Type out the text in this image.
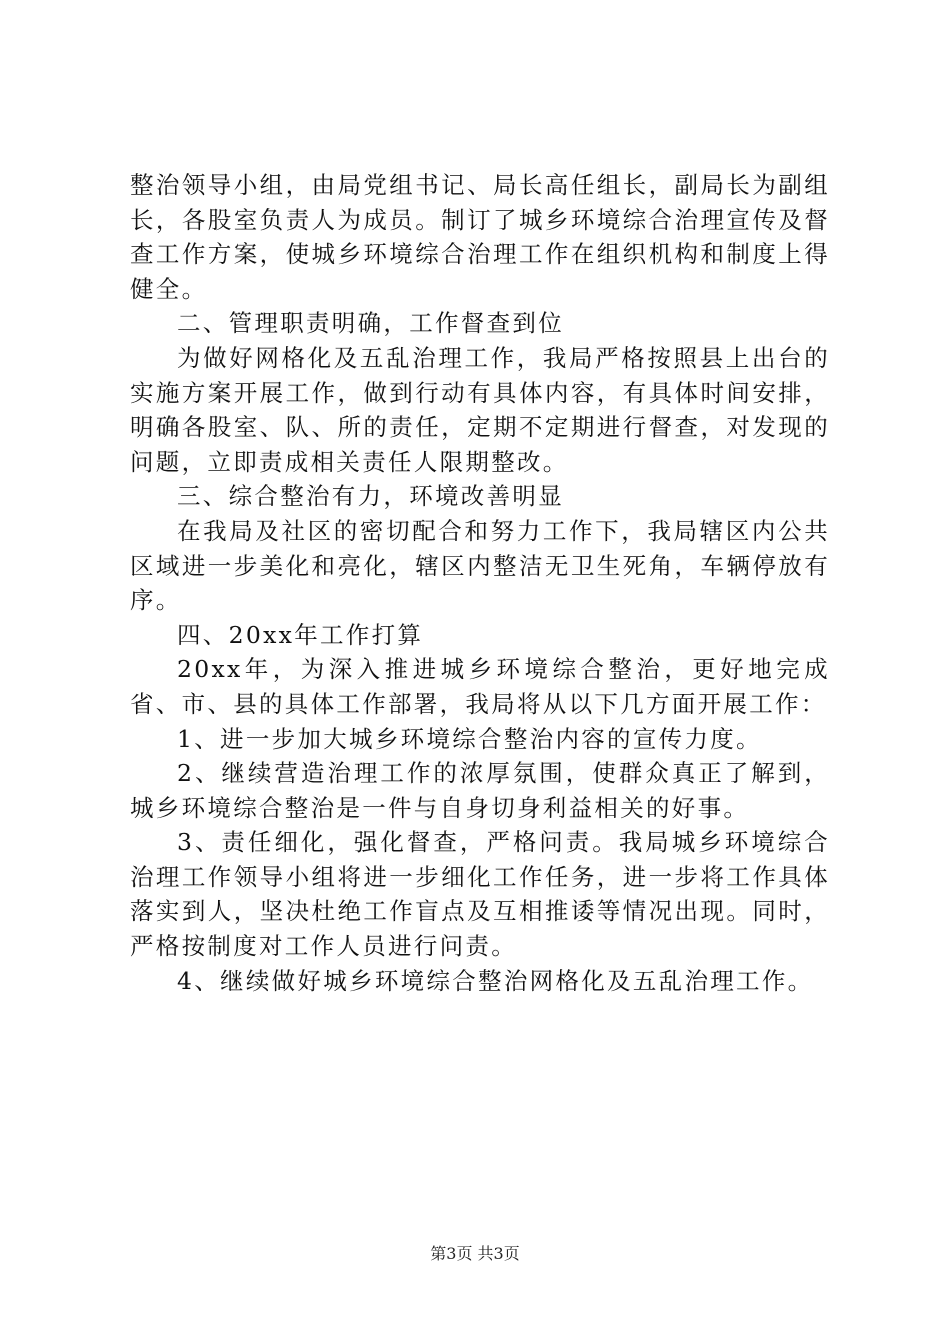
整治领导小组，由局党组书记、局长高任组长，副局长为副组长，各股室负责人为成员。制订了城乡环境综合治理宣传及督查工作方案，使城乡环境综合治理工作在组织机构和制度上得健全。

二、管理职责明确，工作督查到位

为做好网格化及五乱治理工作，我局严格按照县上出台的实施方案开展工作，做到行动有具体内容，有具体时间安排，明确各股室、队、所的责任，定期不定期进行督查，对发现的问题，立即责成相关责任人限期整改。

三、综合整治有力，环境改善明显

在我局及社区的密切配合和努力工作下，我局辖区内公共区域进一步美化和亮化，辖区内整洁无卫生死角，车辆停放有序。

四、20xx年工作打算

20xx年，为深入推进城乡环境综合整治，更好地完成省、市、县的具体工作部署，我局将从以下几方面开展工作：

1、进一步加大城乡环境综合整治内容的宣传力度。

2、继续营造治理工作的浓厚氛围，使群众真正了解到，城乡环境综合整治是一件与自身切身利益相关的好事。

3、责任细化，强化督查，严格问责。我局城乡环境综合治理工作领导小组将进一步细化工作任务，进一步将工作具体落实到人，坚决杜绝工作盲点及互相推诿等情况出现。同时，严格按制度对工作人员进行问责。

4、继续做好城乡环境综合整治网格化及五乱治理工作。

第3页 共3页
